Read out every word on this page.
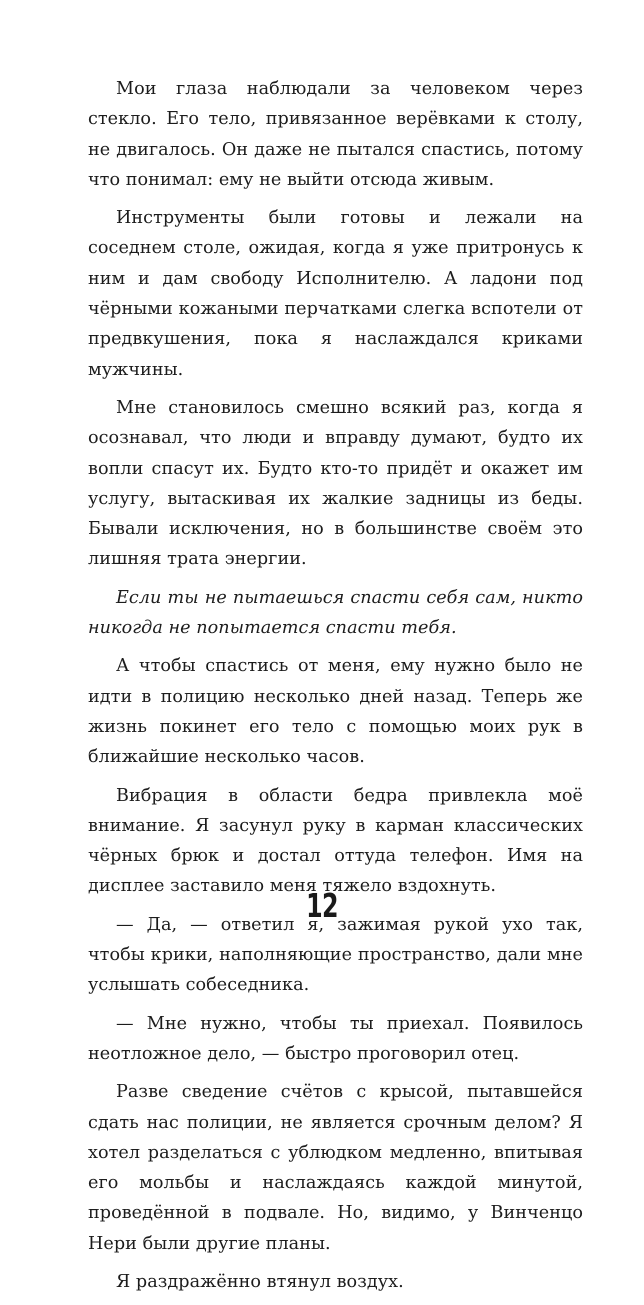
Мои глаза наблюдали за человеком через стекло. Его тело, привязанное верёвками к столу, не двигалось. Он даже не пытался спастись, потому что понимал: ему не выйти отсюда живым.

Инструменты были готовы и лежали на соседнем столе, ожидая, когда я уже притронусь к ним и дам свободу Исполнителю. А ладони под чёрными кожаными перчатками слегка вспотели от предвкушения, пока я наслаждался криками мужчины.

Мне становилось смешно всякий раз, когда я осознавал, что люди и вправду думают, будто их вопли спасут их. Будто кто-то придёт и окажет им услугу, вытаскивая их жалкие задницы из беды. Бывали исключения, но в большинстве своём это лишняя трата энергии.

Если ты не пытаешься спасти себя сам, никто никогда не попытается спасти тебя.

А чтобы спастись от меня, ему нужно было не идти в полицию несколько дней назад. Теперь же жизнь покинет его тело с помощью моих рук в ближайшие несколько часов.

Вибрация в области бедра привлекла моё внимание. Я засунул руку в карман классических чёрных брюк и достал оттуда телефон. Имя на дисплее заставило меня тяжело вздохнуть.

— Да, — ответил я, зажимая рукой ухо так, чтобы крики, наполняющие пространство, дали мне услышать собеседника.

— Мне нужно, чтобы ты приехал. Появилось неотложное дело, — быстро проговорил отец.

Разве сведение счётов с крысой, пытавшейся сдать нас полиции, не является срочным делом? Я хотел разделаться с ублюдком медленно, впитывая его мольбы и наслаждаясь каждой минутой, проведённой в подвале. Но, видимо, у Винченцо Нери были другие планы.

Я раздражённо втянул воздух.

12
